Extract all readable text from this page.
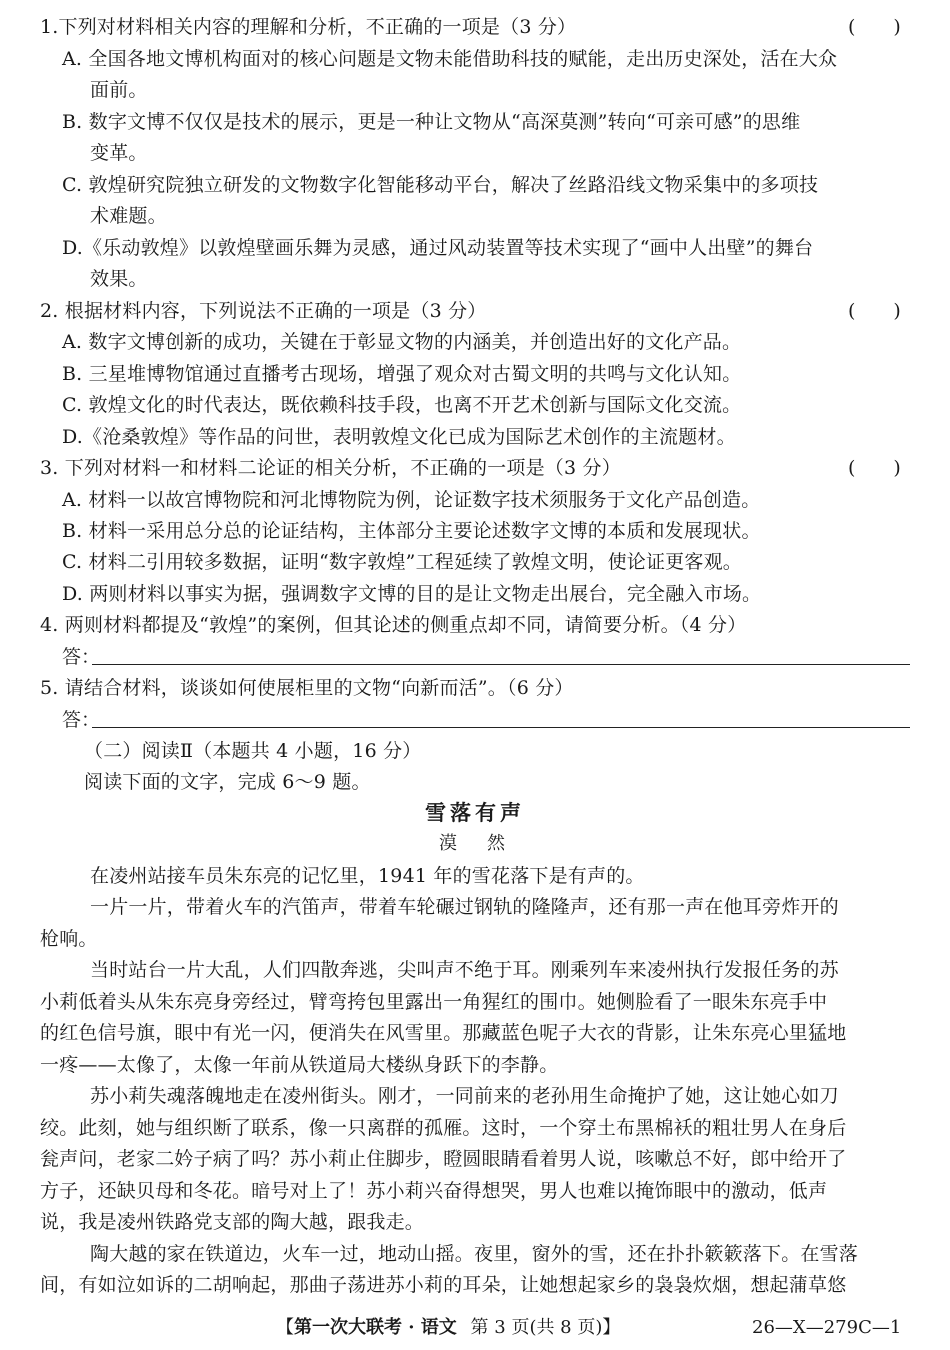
1.下列对材料相关内容的理解和分析，不正确的一项是（3 分）	(　　)
A. 全国各地文博机构面对的核心问题是文物未能借助科技的赋能，走出历史深处，活在大众
面前。
B. 数字文博不仅仅是技术的展示，更是一种让文物从“高深莫测”转向“可亲可感”的思维
变革。
C. 敦煌研究院独立研发的文物数字化智能移动平台，解决了丝路沿线文物采集中的多项技
术难题。
D.《乐动敦煌》以敦煌壁画乐舞为灵感，通过风动装置等技术实现了“画中人出壁”的舞台
效果。
2. 根据材料内容，下列说法不正确的一项是（3 分）	(　　)
A. 数字文博创新的成功，关键在于彰显文物的内涵美，并创造出好的文化产品。
B. 三星堆博物馆通过直播考古现场，增强了观众对古蜀文明的共鸣与文化认知。
C. 敦煌文化的时代表达，既依赖科技手段，也离不开艺术创新与国际文化交流。
D.《沧桑敦煌》等作品的问世，表明敦煌文化已成为国际艺术创作的主流题材。
3. 下列对材料一和材料二论证的相关分析，不正确的一项是（3 分）	(　　)
A. 材料一以故宫博物院和河北博物院为例，论证数字技术须服务于文化产品创造。
B. 材料一采用总分总的论证结构，主体部分主要论述数字文博的本质和发展现状。
C. 材料二引用较多数据，证明“数字敦煌”工程延续了敦煌文明，使论证更客观。
D. 两则材料以事实为据，强调数字文博的目的是让文物走出展台，完全融入市场。
4. 两则材料都提及“敦煌”的案例，但其论述的侧重点却不同，请简要分析。（4 分）
答：
5. 请结合材料，谈谈如何使展柜里的文物“向新而活”。（6 分）
答：
（二）阅读Ⅱ（本题共 4 小题，16 分）
阅读下面的文字，完成 6～9 题。
雪落有声
漠　然
在凌州站接车员朱东亮的记忆里，1941 年的雪花落下是有声的。
一片一片，带着火车的汽笛声，带着车轮碾过钢轨的隆隆声，还有那一声在他耳旁炸开的
枪响。
当时站台一片大乱，人们四散奔逃，尖叫声不绝于耳。刚乘列车来凌州执行发报任务的苏
小莉低着头从朱东亮身旁经过，臂弯挎包里露出一角猩红的围巾。她侧脸看了一眼朱东亮手中
的红色信号旗，眼中有光一闪，便消失在风雪里。那藏蓝色呢子大衣的背影，让朱东亮心里猛地
一疼——太像了，太像一年前从铁道局大楼纵身跃下的李静。
苏小莉失魂落魄地走在凌州街头。刚才，一同前来的老孙用生命掩护了她，这让她心如刀
绞。此刻，她与组织断了联系，像一只离群的孤雁。这时，一个穿土布黑棉袄的粗壮男人在身后
瓮声问，老家二妗子病了吗？苏小莉止住脚步，瞪圆眼睛看着男人说，咳嗽总不好，郎中给开了
方子，还缺贝母和冬花。暗号对上了！苏小莉兴奋得想哭，男人也难以掩饰眼中的激动，低声
说，我是凌州铁路党支部的陶大越，跟我走。
陶大越的家在铁道边，火车一过，地动山摇。夜里，窗外的雪，还在扑扑簌簌落下。在雪落
间，有如泣如诉的二胡响起，那曲子荡进苏小莉的耳朵，让她想起家乡的袅袅炊烟，想起蒲草悠
【第一次大联考 · 语文 第 3 页(共 8 页)】	26—X—279C—1
